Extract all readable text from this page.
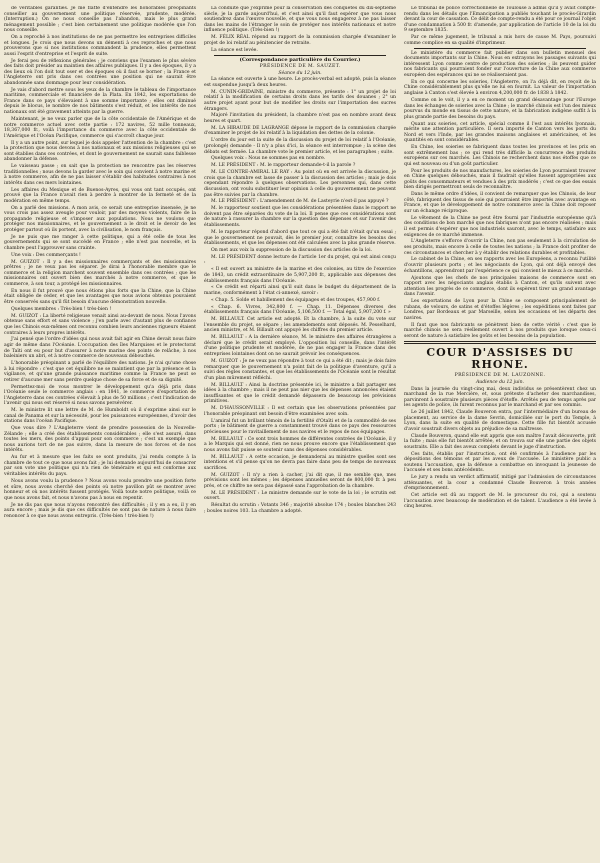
de véritables garanties. Je me flatte d'entendre les honorables préopinants conseiller au gouvernement une politique réservée, prudente, modérée. (Interruption.) On ne nous conseille pas l'abandon, mais le plus grand ménagement possible ; c'est bien certainement une politique modérée que l'on nous conseille.

On a reproché à nos institutions de ne pas permettre les entreprises difficiles et longues. Je crois que nous devons un démenti à ces reproches et que nous prouverons que si nos institutions commandent la prudence, elles permettent aussi l'esprit d'entreprise et l'esprit de suite.

Je ferai peu de réflexions générales ; je conviens que l'examen le plus sévère des faits doit présider au maintien des affaires publiques. Il y a des époques, il y a des lieux où l'on doit tout oser et des époques où il faut se borner ; la France et l'Angleterre ont pris dans ces contrées une position qui ne saurait être abandonnée sans dommage pour leur considération.

Je vais d'abord mettre sous les yeux de la chambre le tableau de l'importance maritime, commerciale et financière de la Plata. En 1842, les exportations de France dans ce pays s'élevaient à une somme importante ; elles ont diminué depuis le blocus, le nombre de nos bâtiments s'est réduit, et les intérêts de nos nationaux ont été gravement atteints par la guerre.

Maintenant, je ne veux parler que de la côte occidentale de l'Amérique et de notre commerce actuel avec cette partie : 172 navires, 52 mille tonneaux, 18,367,000 fr., voilà l'importance du commerce avec la côte occidentale de l'Amérique et l'Océan Pacifique, commerce qui s'accroît chaque jour.

Il y a un autre point, sur lequel je dois appeler l'attention de la chambre : c'est la protection que nous devons à nos nationaux et aux missions religieuses qui se sont établies dans ces contrées, et dont le gouvernement ne saurait sans faiblesse abandonner la défense.

Le vaisseau passe ; on sait que la protection ne rencontre pas les réserves traditionnelles ; nous devons la garder avec le soin qui convient à notre marine et à notre commerce, afin de ne pas laisser s'établir des habitudes contraires à nos intérêts dans ces mers lointaines.

Les affaires du Mexique et de Buenos-Ayres, qui vous ont tant occupés, ont prouvé que la France n'avait rien à perdre à montrer de la fermeté et de la modération en même temps.

On a parlé des missions. A mon avis, ce serait une entreprise insensée, je ne vous crois pas assez aveugle pour vouloir, par des moyens violents, faire de la propagande religieuse et s'imposer aux populations. Nous ne voulons que protéger nos missionnaires, et le gouvernement a le droit et le devoir de les protéger partout où ils portent, avec la civilisation, le nom français.

Je ne puis que me ranger à cette politique, qui a été celle de tous les gouvernements qui se sont succédé en France ; elle n'est pas nouvelle, et la chambre peut l'approuver sans crainte.

Une voix : Des commerçants !

M. GUIZOT : Il y a des missionnaires commerçants et des missionnaires prêtres ; je ne veux pas les séparer. Je dirai à l'honorable membre que le commerce et la religion marchent souvent ensemble dans ces contrées ; que les missionnaires ont ouvert bien des marchés à notre commerce, et que le commerce, à son tour, a protégé les missionnaires.

En nous il fut prouvé que nous étions plus forts que la Chine, que la Chine était obligée de céder, et que les avantages que nous avions obtenus pouvaient être conservés sans qu'il fût besoin d'aucune démonstration nouvelle.

Quelques membres : Très-bien ! très-bien !

M. GUIZOT : La liberté religieuse venait ainsi au-devant de nous. Nous l'avons obtenue sans effort et sans violence ; j'en parle avec d'autant plus de confiance que les Chinois eux-mêmes ont reconnu combien leurs anciennes rigueurs étaient contraires à leurs propres intérêts.

J'ai pensé que l'ordre d'idées qui nous avait fait agir en Chine devait nous faire agir de même dans l'Océanie. L'occupation des îles Marquises et le protectorat de Taïti ont eu pour but d'assurer à notre marine des points de relâche, à nos baleiniers un abri, et à notre commerce de nouveaux débouchés.

L'honorable préopinant a parlé de l'équilibre des nations. Je n'ai qu'une chose à lui répondre : c'est que cet équilibre ne se maintient que par la présence et la vigilance, et qu'une grande puissance maritime comme la France ne peut se retirer d'aucune mer sans perdre quelque chose de sa force et de sa dignité.

Permettez-moi de vous montrer le développement qu'a déjà pris dans l'Océanie seule le commerce anglais : en 1841, le commerce d'exportation de l'Angleterre dans ces contrées s'élevait à plus de 50 millions ; c'est l'indication de l'avenir qui nous est réservé si nous savons persévérer.

M. le ministre lit une lettre de M. de Humboldt où il s'exprime ainsi sur le canal de Panama et sur la nécessité, pour les puissances européennes, d'avoir des stations dans l'océan Pacifique.

Que vous dire ? L'Angleterre vient de prendre possession de la Nouvelle-Zélande ; elle a créé des établissements considérables ; elle s'est assuré, dans toutes les mers, des points d'appui pour son commerce ; c'est un exemple que nous aurions tort de ne pas suivre, dans la mesure de nos forces et de nos intérêts.

Au fur et à mesure que les faits se sont produits, j'ai rendu compte à la chambre de tout ce que nous avons fait ; je lui demande aujourd'hui de consacrer par son vote une politique qui n'a rien de téméraire et qui est conforme aux véritables intérêts du pays.

Nous avons voulu la prudence ? Nous avons voulu prendre une position forte et sûre, nous avons cherché des points où notre pavillon pût se montrer avec honneur et où nos intérêts fussent protégés. Voilà toute notre politique, voilà ce que nous avons fait, et nous n'avons pas à nous en repentir.

Je ne dis pas que nous n'ayons rencontré des difficultés ; il y en a eu, il y en aura encore ; mais je dis que ces difficultés ne sont pas de nature à nous faire renoncer à ce que nous avons entrepris. (Très-bien ! très-bien !)

La conduite que j'exprime pour la conservation des conquêtes du dix-septième siècle, je la garde aujourd'hui, et c'est ainsi qu'il faut espérer que vous nous soutiendrez dans l'œuvre nouvelle, et que vous nous engagerez à ne pas laisser dans les mains de l'étranger le soin de protéger nos intérêts nationaux et notre influence politique. (Très-bien !)

M. FÉLIX RÉAL répond au rapport de la commission chargée d'examiner le projet de loi relatif au pénitencier de retraite.

La séance est levée.

(Correspondance particulière du Courrier.)

PRÉSIDENCE DE M. SAUZET.

Séance du 12 juin.

La séance est ouverte à une heure. Le procès-verbal est adopté, puis la séance est suspendue jusqu'à deux heures.

M. CUNIN-GRIDAINE, ministre du commerce, présente : 1° un projet de loi relatif à la modification de certains droits dans les tarifs des douanes ; 2° un autre projet ayant pour but de modifier les droits sur l'importation des sucres étrangers.

Majoré l'invitation du président, la chambre n'est pas en nombre avant deux heures et quart.

M. LA HIRAUDE DE LAGRANGE dépose le rapport de la commission chargée d'examiner le projet de loi relatif à la liquidation des dettes de la colonie.

L'ordre du jour est la suite de la discussion du projet de loi relatif à l'Océanie, (prolongé) demande - Il n'y a plus d'ici, la séance est interrompue ; la scène des débats est fermée. La chambre vote le premier article, et les paragraphes ; suite.

Quelques voix : Nous ne sommes pas en nombre.

M. LE PRÉSIDENT : M. le rapporteur demande-t-il la parole ?

M. LE CONTRE-AMIRAL LE RAY : Au point où en est arrivée la discussion, je crois que la chambre est lasse de passer à la discussion des articles ; mais je dois cependant répondre à quelques observations. Les personnes qui, dans cette discussion, ont voulu substituer leur opinion à celle du gouvernement ne peuvent pas être suivies par la chambre.

M. LE PRÉSIDENT : L'amendement de M. de Lasteyrie n'est-il pas appuyé ?

M. le rapporteur soutient que les considérations présentées dans le rapport ne doivent pas être séparées du vote de la loi. Il pense que ces considérations sont de nature à rassurer la chambre sur la question des dépenses et sur l'avenir des établissements.

M. le rapporteur répond d'abord que tout ce qui a été fait n'était qu'un essai ; que le gouvernement ne pouvait, dès le premier jour, connaître les besoins des établissements, et que les dépenses ont été calculées avec la plus grande réserve.

On met aux voix la suppression de la discussion des articles de la loi.

M. LE PRÉSIDENT donne lecture de l'article 1er du projet, qui est ainsi conçu :

« Il est ouvert au ministre de la marine et des colonies, au titre de l'exercice de 1843, un crédit extraordinaire de 5,907,200 fr., applicable aux dépenses des établissements français dans l'Océanie.

« Ce crédit est réparti ainsi qu'il suit dans le budget du département de la marine, conformément à l'état ci-annexé, savoir :

« Chap. 5. Solde et habillement des équipages et des troupes, 457,900 f.

« Chap. 6. Vivres, 342,800 f. — Chap. 11. Dépenses diverses des établissements français dans l'Océanie, 5,106,500 f. — Total égal, 5,907,200 f. »

M. BILLAULT. Cet article est adopté. Et la chambre, à la suite du vote sur l'ensemble du projet, se sépare ; les amendements sont déposés. M. Pesselhard, ancien ministre, et M. Billault ont appuyé les chiffres du premier article.

M. BILLAULT : A la dernière séance, M. le ministre des affaires étrangères a déclaré que le crédit serait employé. L'opposition lui conseille, dans l'intérêt d'une politique prudente et modérée, de ne pas engager la France dans des entreprises lointaines dont on ne saurait prévoir les conséquences.

M. GUIZOT : Je ne veux pas répondre à tout ce qui a été dit ; mais je dois faire remarquer que le gouvernement n'a point fait de la politique d'aventure, qu'il a suivi des règles constantes, et que les établissements de l'Océanie sont le résultat d'un plan mûrement réfléchi.

M. BILLAULT : Ainsi la doctrine présentée ici, le ministre a fait partager ses idées à la chambre ; mais il ne peut pas nier que les dépenses annoncées étaient insuffisantes et que le crédit demandé dépassera de beaucoup les prévisions primitives.

M. D'HAUSSONVILLE : Il est certain que les observations présentées par l'honorable préopinant ont besoin d'être examinées avec soin.

L'amiral fut un brillant témoin de la fertilité d'Otaïti et de la commodité de ses ports ; le bâtiment de guerre a constamment trouvé dans ce pays des ressources précieuses pour le ravitaillement de nos navires et le repos de nos équipages.

M. BILLAULT : Ce sont trois hommes de différentes contrées de l'Océanie, il y a le Marquis qui est donné, rien ne nous prouve encore que l'établissement que nous avons fait puisse se soutenir sans des dépenses considérables.

M. BILLAULT : A cette occasion, je demanderai au ministre quelles sont ses intentions et s'il pense qu'on ne devra pas faire dans peu de temps de nouveaux sacrifices.

M. GUIZOT : Il n'y a rien à cacher, j'ai dit que, il me semble que, mes prévisions sont les mêmes ; les dépenses annuelles seront de 800,000 fr. à peu près, et ce chiffre ne sera pas dépassé sans l'approbation de la chambre.

M. LE PRÉSIDENT : Le ministre demande sur le vote de la loi ; le scrutin est ouvert.

Résultat du scrutin : Votants 346 ; majorité absolue 174 ; boules blanches 243 ; boules noires 103. La chambre a adopté.

Le tribunal de police correctionnelle de Toulouse a admis qu'il y avait compte-rendu dans les détails que l'Emancipation a publiés touchant le procès-Girardin devant la cour de cassation. Ce délit de compte-rendu a été pour ce journal l'objet d'une condamnation à 500 fr. d'amende, par application de l'article 10 de la loi du 9 septembre 1835.

Par ce même jugement, le tribunal a mis hors de cause M. Pays, poursuivi comme complice en sa qualité d'imprimeur.

Le ministère du commerce fait publier dans son bulletin mensuel des documents importants sur la Chine. Nous en extrayons les passages suivants qui intéressent Lyon comme centre de production des soieries ; ils peuvent guider nos fabricants qui pourraient fonder sur l'ouverture de la Chine aux commerce européen des espérances qui ne se réaliseraient pas.

En ce qui concerne les soieries, l'Angleterre, on l'a déjà dit, en reçoit de la Chine considérablement plus qu'elle ne lui en fournit. La valeur de l'importation anglaise à Canton s'est élevée à environ 4,200,000 fr. de 1838 à 1842.

Comme on le voit, il y a en ce moment un grand désavantage pour l'Europe dans les échanges de soieries avec la Chine ; le marché chinois est l'un des mieux pourvus du monde en tissus de cette nature, et la fabrication indigène suffit à la plus grande partie des besoins du pays.

Quant aux soieries, cet article, spécial comme il l'est aux intérêts lyonnais, mérite une attention particulière. Il sera importé de Canton vers les ports du Nord et vers l'Inde, par les grandes maisons anglaises et américaines, et les quantités en sont considérables.

En Chine, les soieries se fabriquent dans toutes les provinces et les prix en sont extrêmement bas ; ce qui rend très difficile la concurrence des produits européens sur ces marchés. Les Chinois ne recherchent dans nos étoffes que ce qui est nouveau ou d'un goût particulier.

Pour les produits de nos manufactures, les soieries de Lyon pourraient trouver en Chine quelques débouchés, mais il faudrait qu'elles fussent appropriées aux goûts des consommateurs et vendues à des prix modérés ; c'est ce que des essais bien dirigés permettront seuls de reconnaître.

Dans le même ordre d'idées, il convient de remarquer que les Chinois, de leur côté, fabriquent des tissus de soie qui pourraient être importés avec avantage en France, et que le développement de notre commerce avec la Chine doit reposer sur un échange réciproque.

Le vêtement de la Chine ne peut être fourni par l'industrie européenne qu'à des conditions de bon marché que nos fabriques n'ont pas encore réalisées ; mais il est permis d'espérer que nos industriels sauront, avec le temps, satisfaire aux exigences de ce marché immense.

L'Angleterre s'efforce d'ouvrir la Chine, non pas seulement à la circulation de ses produits, mais encore à celle de toutes les nations ; la France doit profiter de ces circonstances et chercher à y établir des relations durables et profitables.

Le cabinet de la Chine, en ses rapports avec les Européens, a reconnu l'utilité d'ouvrir plusieurs ports ; et les négociants de Lyon, qui ont déjà envoyé des échantillons, apprendront par l'expérience ce qui convient le mieux à ce marché.

Ajoutons que les chefs de nos principales maisons de commerce sont en rapport avec les négociants anglais établis à Canton, et qu'ils suivent avec attention les progrès de ce commerce, dont ils espèrent tirer un grand avantage dans l'avenir.

Les exportations de Lyon pour la Chine se composent principalement de rubans, de velours, de satins et d'étoffes légères ; les expéditions sont faites par Londres, par Bordeaux et par Marseille, selon les occasions et les départs des navires.

Il faut que nos fabricants se pénètrent bien de cette vérité : c'est que le marché chinois ne sera réellement ouvert à nos produits que lorsque ceux-ci seront de nature à satisfaire les goûts et les besoins de la population.

COUR D'ASSISES DU RHONE.

PRÉSIDENCE DE M. LAUZONNE.

Audience du 12 juin.

Dans la journée du vingt-cinq mai, deux individus se présentèrent chez un marchand de la rue Mercière, et, sous prétexte d'acheter des marchandises, parvinrent à soustraire plusieurs pièces d'étoffe. Arrêtés peu de temps après par les agents de police, ils furent reconnus par le marchand et par ses commis.

Le 26 juillet 1842, Claude Bouveron entra, par l'intermédiaire d'un bureau de placement, au service de la dame Sevrin, domiciliée sur le port du Temple, à Lyon, dans la suite en qualité de domestique. Cette fille fut bientôt accusée d'avoir soustrait divers objets au préjudice de sa maîtresse.

Claude Bouveron, quand elle eut appris que son maître l'avait découverte, prit la fuite ; mais elle fut bientôt arrêtée, et on trouva sur elle une partie des objets soustraits. Elle a fait des aveux complets devant le juge d'instruction.

Ces faits, établis par l'instruction, ont été confirmés à l'audience par les dépositions des témoins et par les aveux de l'accusée. Le ministère public a soutenu l'accusation, que la défense a combattue en invoquant la jeunesse de l'accusée et ses bons antécédents.

Le jury a rendu un verdict affirmatif, mitigé par l'admission de circonstances atténuantes, et la cour a condamné Claude Bouveron à trois années d'emprisonnement.

Cet article est dû au rapport de M. le procureur du roi, qui a soutenu l'accusation avec beaucoup de modération et de talent. L'audience a été levée à cinq heures.
